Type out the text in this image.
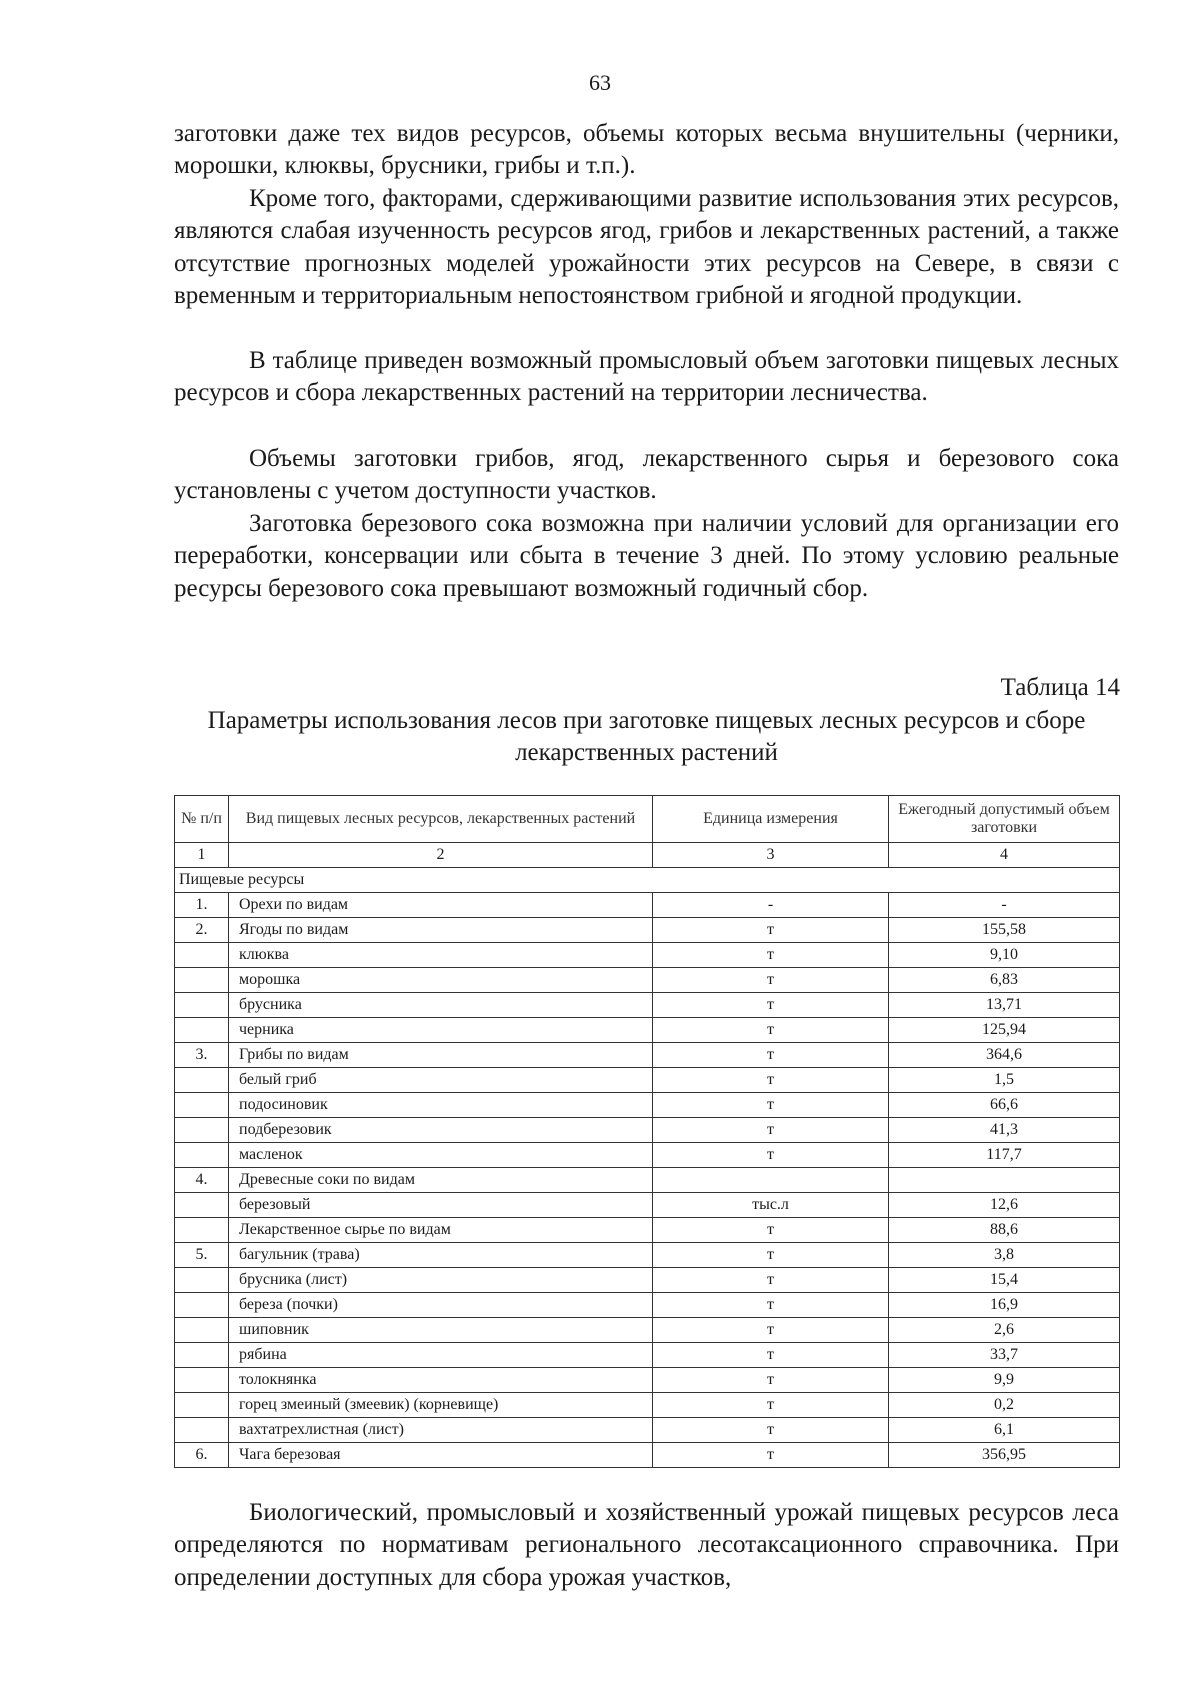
63

заготовки даже тех видов ресурсов, объемы которых весьма внушительны (черники, морошки, клюквы, брусники, грибы и т.п.).

Кроме того, факторами, сдерживающими развитие использования этих ресурсов, являются слабая изученность ресурсов ягод, грибов и лекарственных растений, а также отсутствие прогнозных моделей урожайности этих ресурсов на Севере, в связи с временным и территориальным непостоянством грибной и ягодной продукции.

В таблице приведен возможный промысловый объем заготовки пищевых лесных ресурсов и сбора лекарственных растений на территории лесничества.

Объемы заготовки грибов, ягод, лекарственного сырья и березового сока установлены с учетом доступности участков.

Заготовка березового сока возможна при наличии условий для организации его переработки, консервации или сбыта в течение 3 дней. По этому условию реальные ресурсы березового сока превышают возможный годичный сбор.

Таблица 14
Параметры использования лесов при заготовке пищевых лесных ресурсов и сборе лекарственных растений
№ п/п	Вид пищевых лесных ресурсов, лекарственных растений	Единица измерения	Ежегодный допустимый объем заготовки
1	2	3	4
Пищевые ресурсы			
1.	Орехи по видам	-	-
2.	Ягоды по видам	т	155,58
	клюква	т	9,10
	морошка	т	6,83
	брусника	т	13,71
	черника	т	125,94
3.	Грибы по видам	т	364,6
	белый гриб	т	1,5
	подосиновик	т	66,6
	подберезовик	т	41,3
	масленок	т	117,7
4.	Древесные соки по видам		
	березовый	тыс.л	12,6
	Лекарственное сырье по видам	т	88,6
5.	багульник (трава)	т	3,8
	брусника (лист)	т	15,4
	береза (почки)	т	16,9
	шиповник	т	2,6
	рябина	т	33,7
	толокнянка	т	9,9
	горец змеиный (змеевик) (корневище)	т	0,2
	вахтатрехлистная (лист)	т	6,1
6.	Чага березовая	т	356,95

Биологический, промысловый и хозяйственный урожай пищевых ресурсов леса определяются по нормативам регионального лесотаксационного справочника. При определении доступных для сбора урожая участков,
